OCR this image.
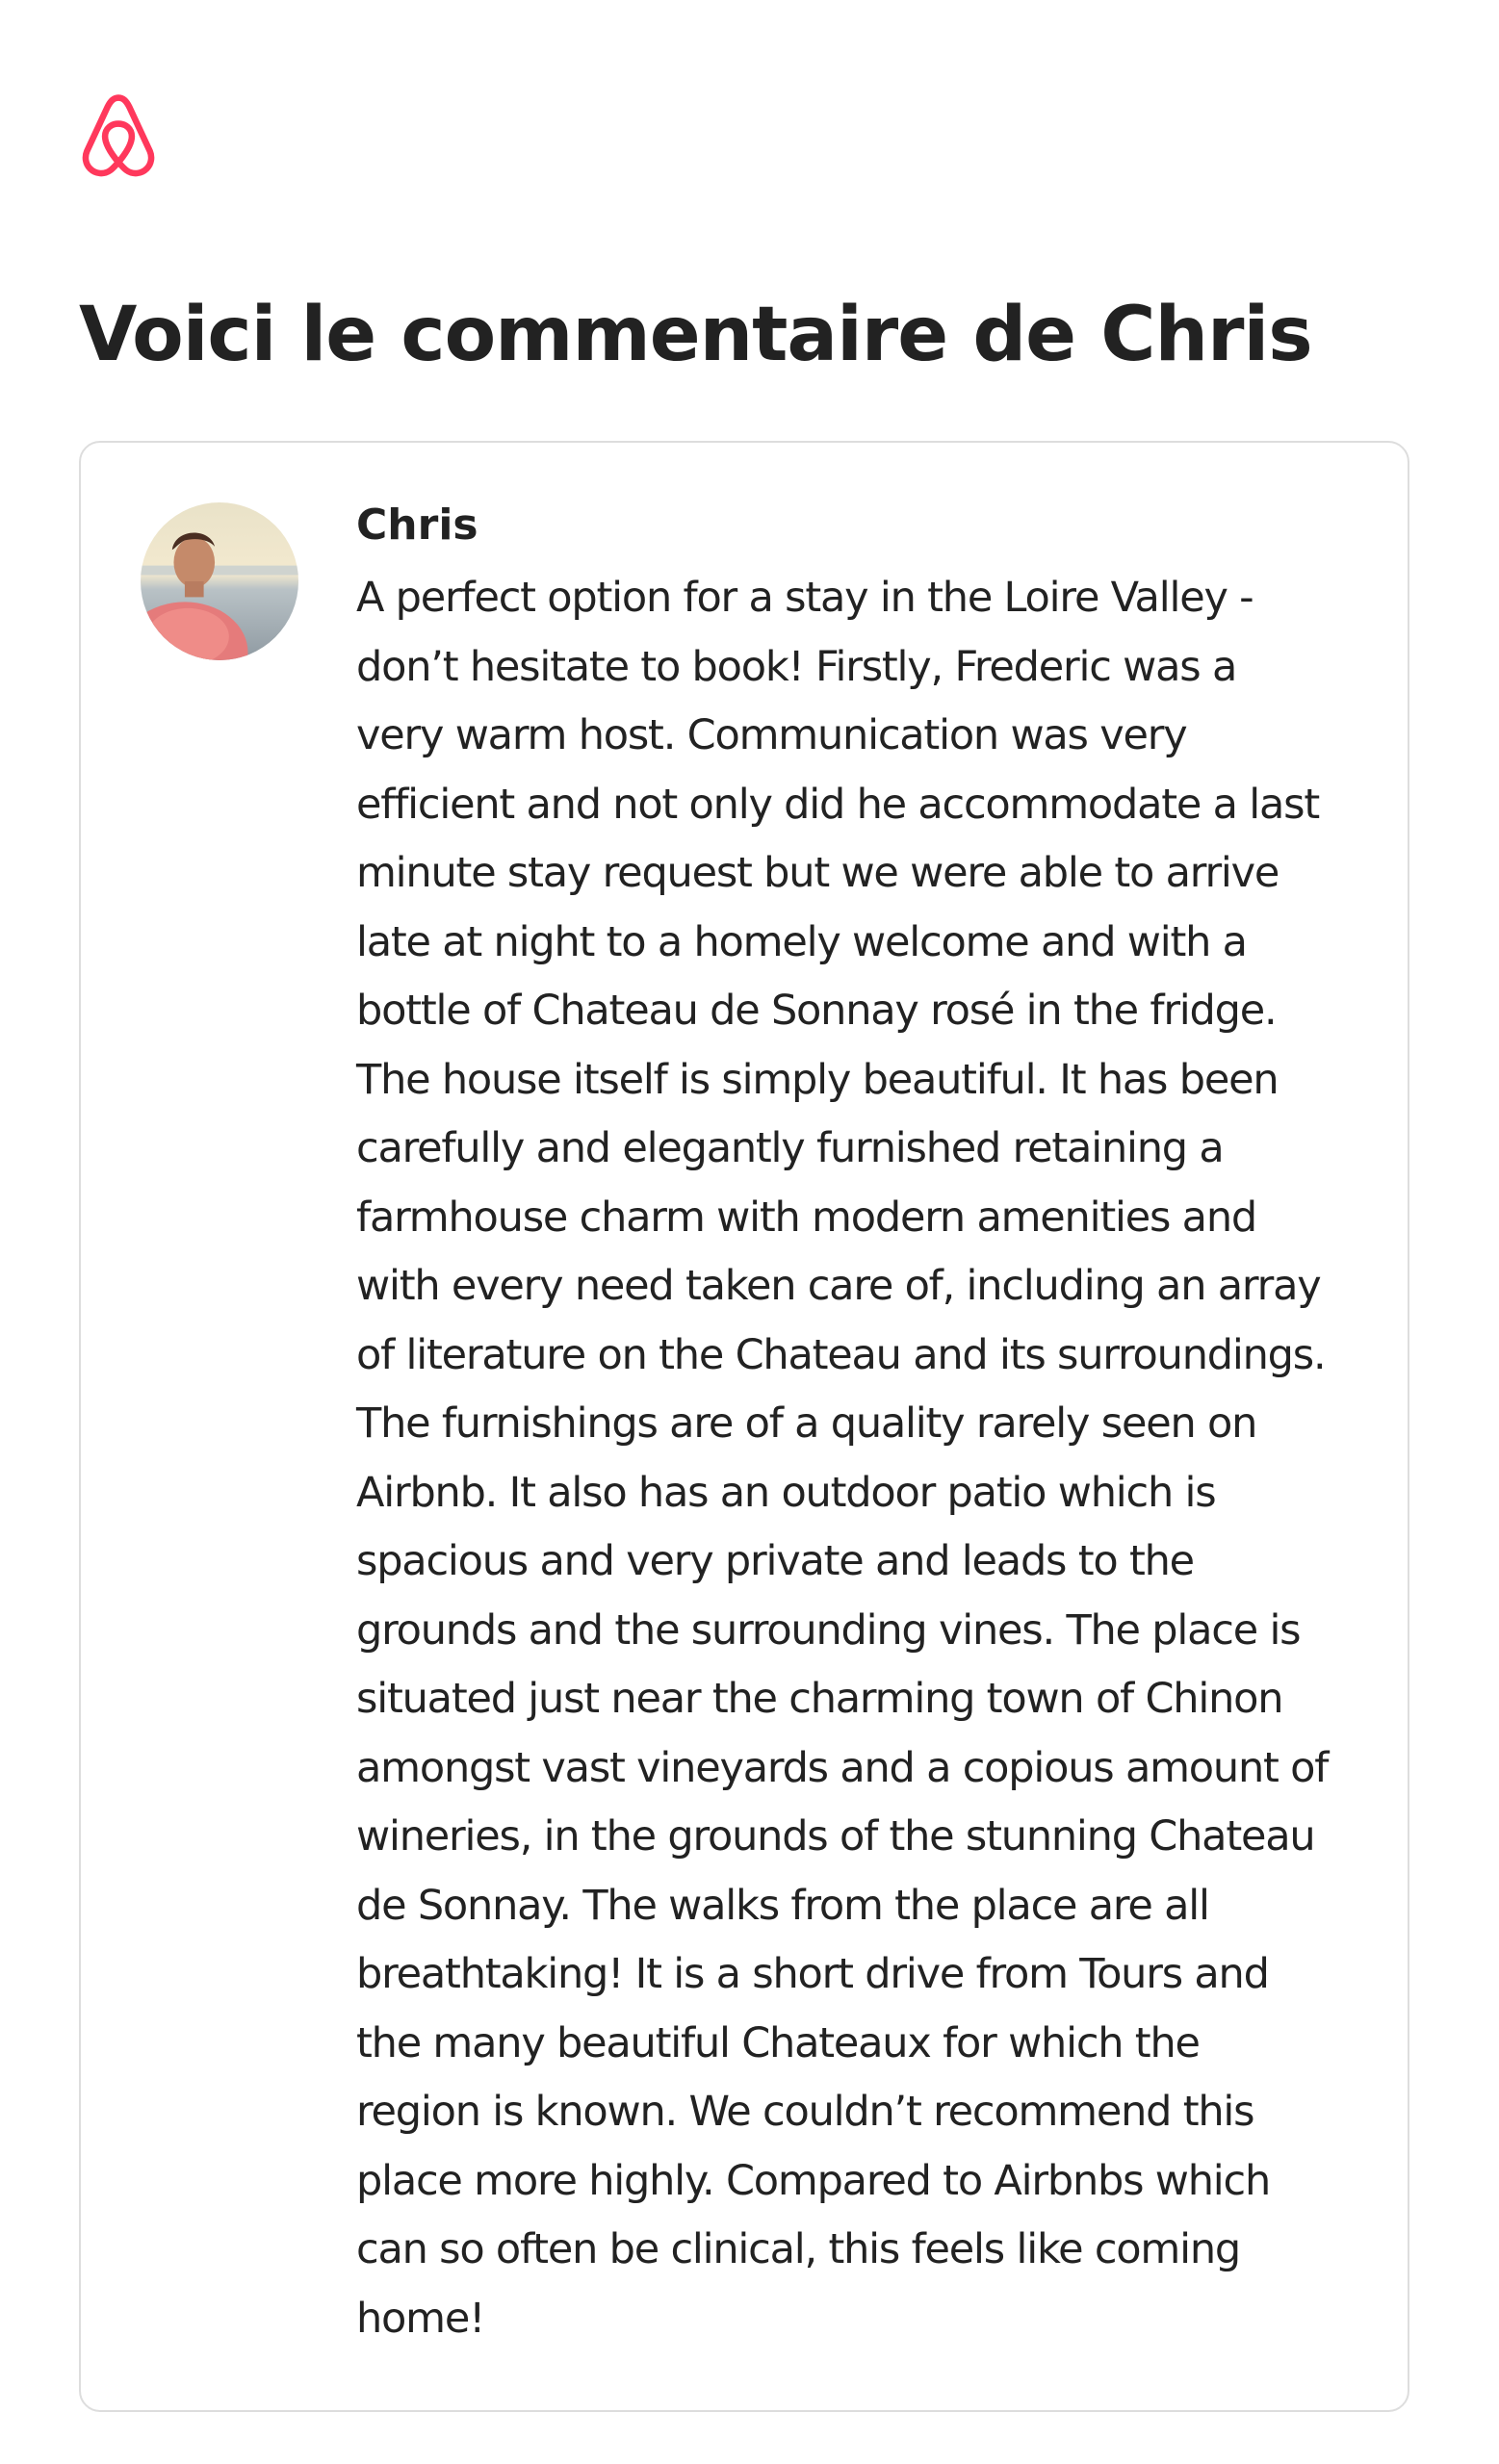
Voici le commentaire de Chris
Chris
A perfect option for a stay in the Loire Valley -
don’t hesitate to book! Firstly, Frederic was a
very warm host. Communication was very
efficient and not only did he accommodate a last
minute stay request but we were able to arrive
late at night to a homely welcome and with a
bottle of Chateau de Sonnay rosé in the fridge.
The house itself is simply beautiful. It has been
carefully and elegantly furnished retaining a
farmhouse charm with modern amenities and
with every need taken care of, including an array
of literature on the Chateau and its surroundings.
The furnishings are of a quality rarely seen on
Airbnb. It also has an outdoor patio which is
spacious and very private and leads to the
grounds and the surrounding vines. The place is
situated just near the charming town of Chinon
amongst vast vineyards and a copious amount of
wineries, in the grounds of the stunning Chateau
de Sonnay. The walks from the place are all
breathtaking! It is a short drive from Tours and
the many beautiful Chateaux for which the
region is known. We couldn’t recommend this
place more highly. Compared to Airbnbs which
can so often be clinical, this feels like coming
home!
